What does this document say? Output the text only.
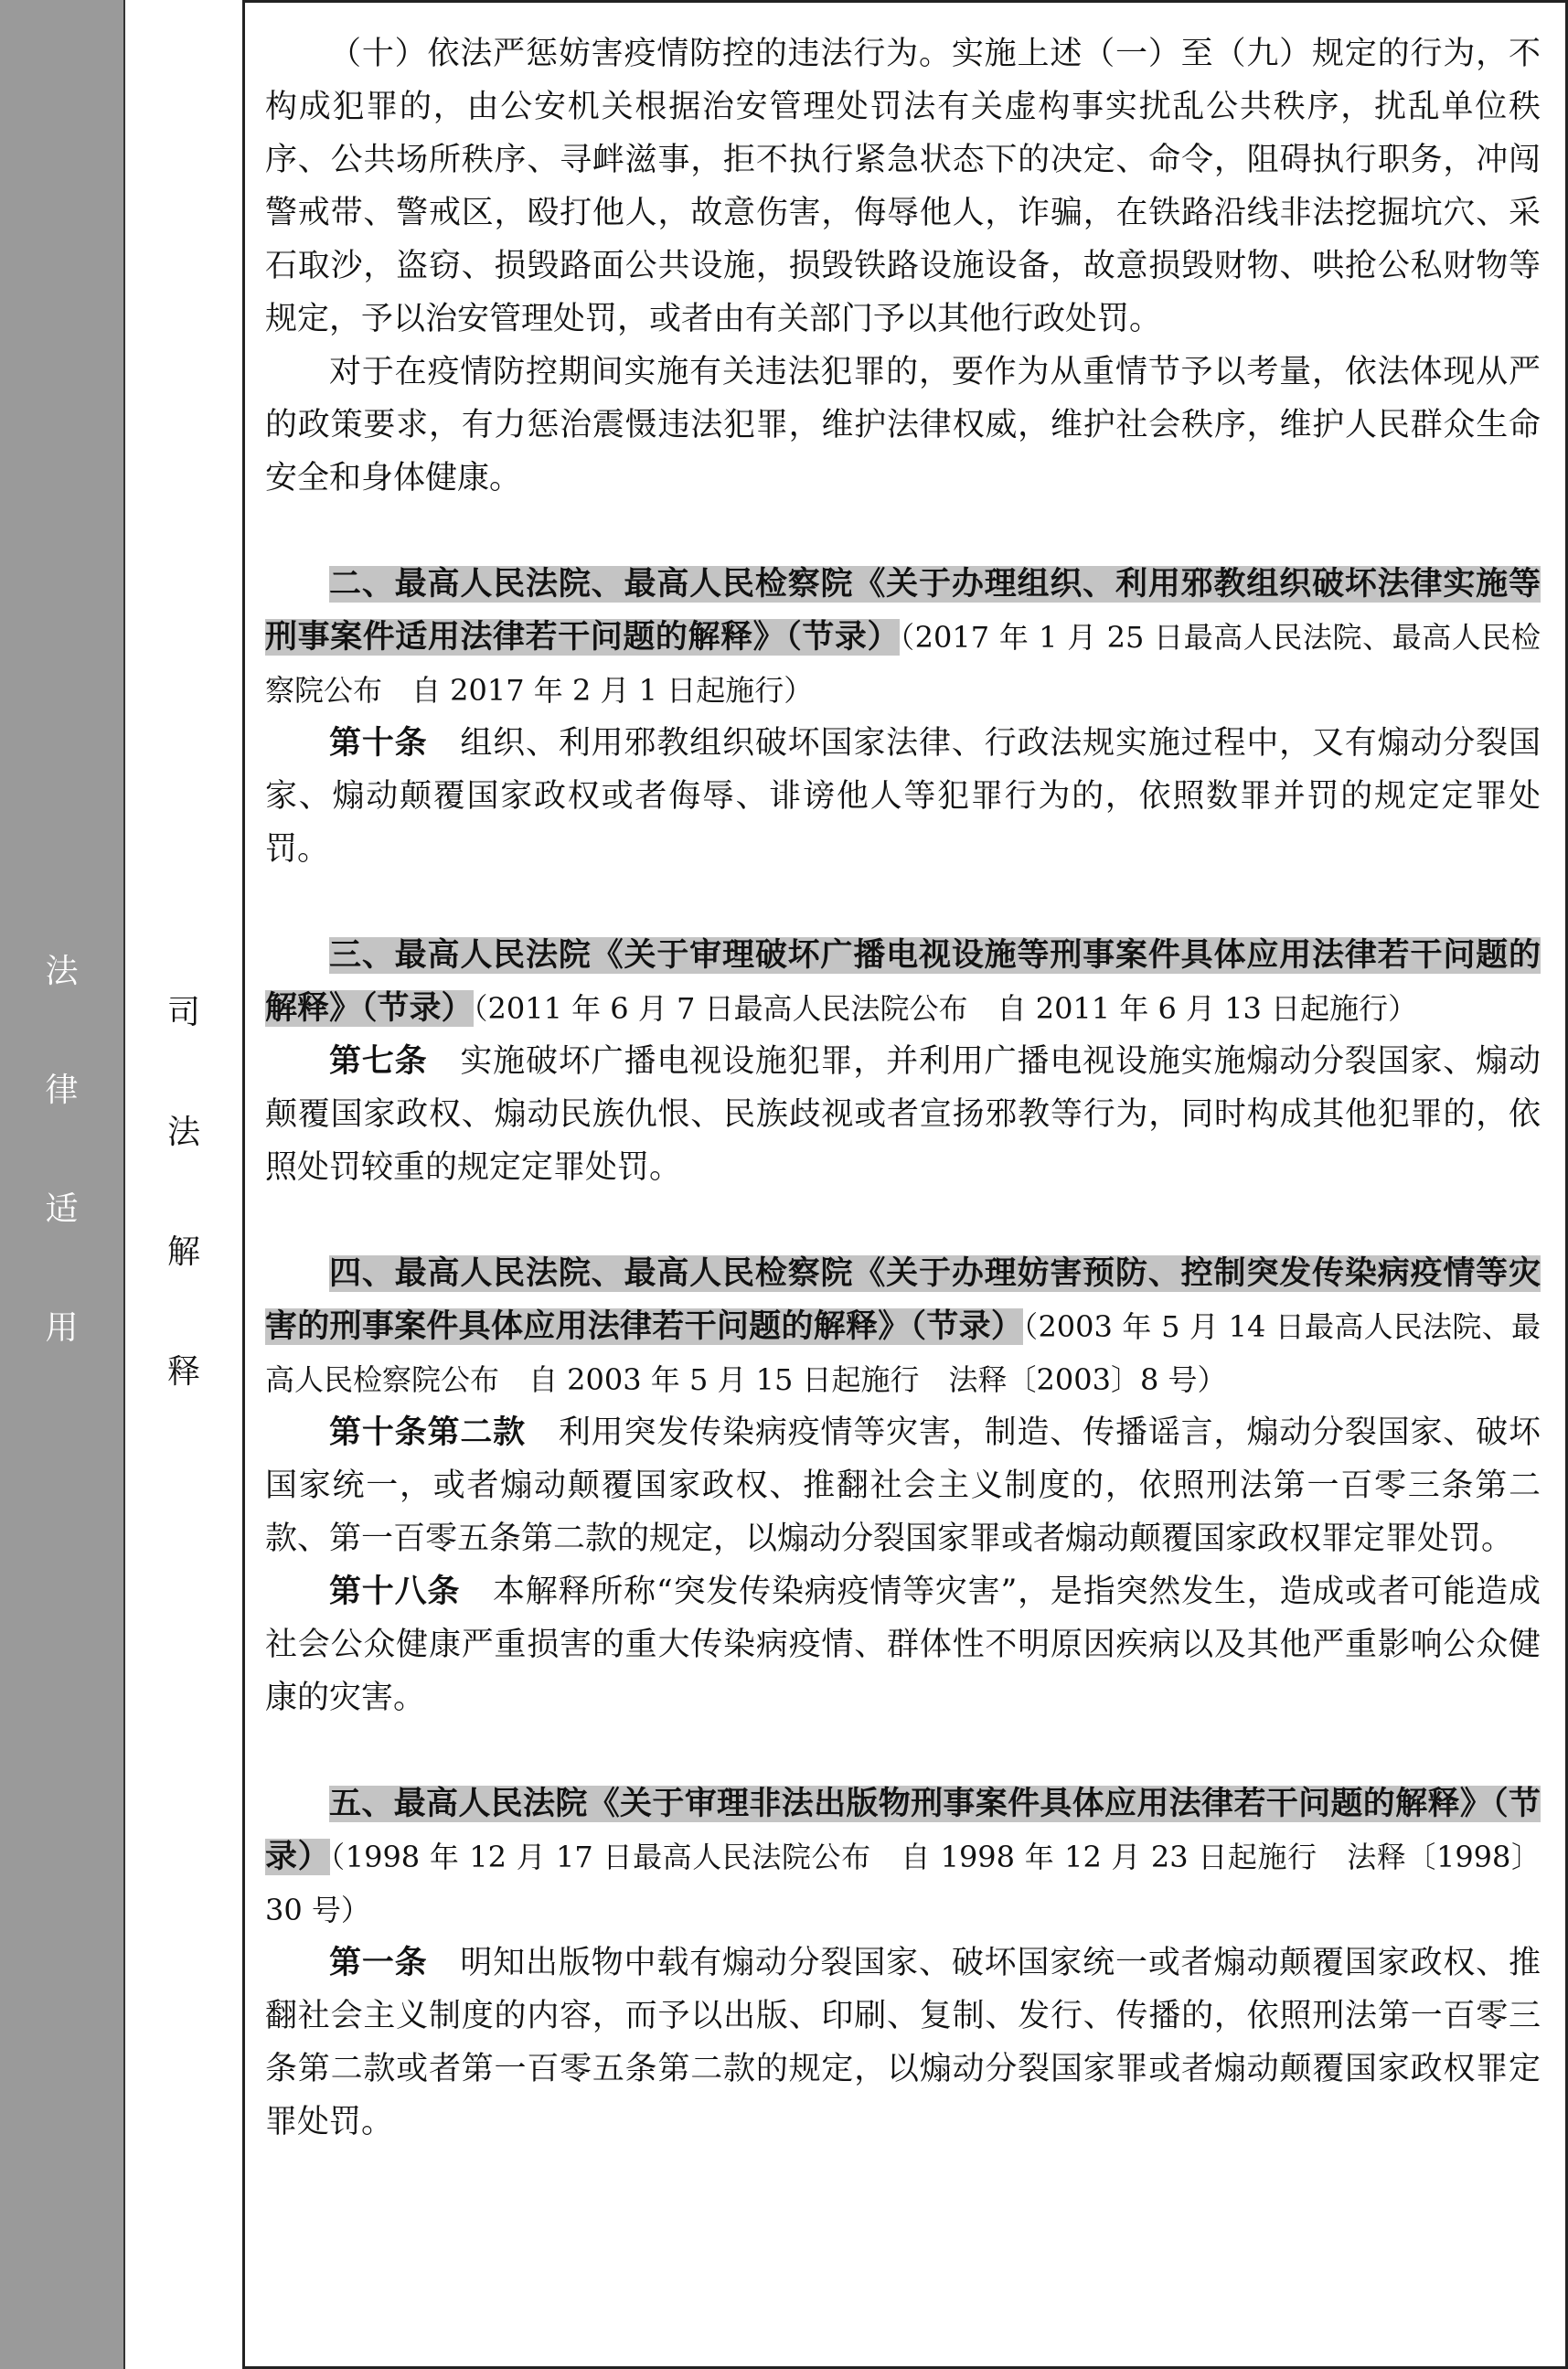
法
律
适
用
司
法
解
释

（十）依法严惩妨害疫情防控的违法行为。实施上述（一）至（九）规定的行为，不构成犯罪的，由公安机关根据治安管理处罚法有关虚构事实扰乱公共秩序，扰乱单位秩序、公共场所秩序、寻衅滋事，拒不执行紧急状态下的决定、命令，阻碍执行职务，冲闯警戒带、警戒区，殴打他人，故意伤害，侮辱他人，诈骗，在铁路沿线非法挖掘坑穴、采石取沙，盗窃、损毁路面公共设施，损毁铁路设施设备，故意损毁财物、哄抢公私财物等规定，予以治安管理处罚，或者由有关部门予以其他行政处罚。

对于在疫情防控期间实施有关违法犯罪的，要作为从重情节予以考量，依法体现从严的政策要求，有力惩治震慑违法犯罪，维护法律权威，维护社会秩序，维护人民群众生命安全和身体健康。

二、最高人民法院、最高人民检察院《关于办理组织、利用邪教组织破坏法律实施等刑事案件适用法律若干问题的解释》（节录）（2017 年 1 月 25 日最高人民法院、最高人民检察院公布　自 2017 年 2 月 1 日起施行）

第十条　 组织、利用邪教组织破坏国家法律、行政法规实施过程中，又有煽动分裂国家、煽动颠覆国家政权或者侮辱、诽谤他人等犯罪行为的，依照数罪并罚的规定定罪处罚。

三、最高人民法院《关于审理破坏广播电视设施等刑事案件具体应用法律若干问题的解释》（节录）（2011 年 6 月 7 日最高人民法院公布　自 2011 年 6 月 13 日起施行）

第七条　 实施破坏广播电视设施犯罪，并利用广播电视设施实施煽动分裂国家、煽动颠覆国家政权、煽动民族仇恨、民族歧视或者宣扬邪教等行为，同时构成其他犯罪的，依照处罚较重的规定定罪处罚。

四、最高人民法院、最高人民检察院《关于办理妨害预防、控制突发传染病疫情等灾害的刑事案件具体应用法律若干问题的解释》（节录）（2003 年 5 月 14 日最高人民法院、最高人民检察院公布　自 2003 年 5 月 15 日起施行　法释〔2003〕8 号）

第十条第二款　 利用突发传染病疫情等灾害，制造、传播谣言，煽动分裂国家、破坏国家统一，或者煽动颠覆国家政权、推翻社会主义制度的，依照刑法第一百零三条第二款、第一百零五条第二款的规定，以煽动分裂国家罪或者煽动颠覆国家政权罪定罪处罚。

第十八条　 本解释所称“突发传染病疫情等灾害”，是指突然发生，造成或者可能造成社会公众健康严重损害的重大传染病疫情、群体性不明原因疾病以及其他严重影响公众健康的灾害。

五、最高人民法院《关于审理非法出版物刑事案件具体应用法律若干问题的解释》（节录）（1998 年 12 月 17 日最高人民法院公布　自 1998 年 12 月 23 日起施行　法释〔1998〕30 号）

第一条　 明知出版物中载有煽动分裂国家、破坏国家统一或者煽动颠覆国家政权、推翻社会主义制度的内容，而予以出版、印刷、复制、发行、传播的，依照刑法第一百零三条第二款或者第一百零五条第二款的规定，以煽动分裂国家罪或者煽动颠覆国家政权罪定罪处罚。
